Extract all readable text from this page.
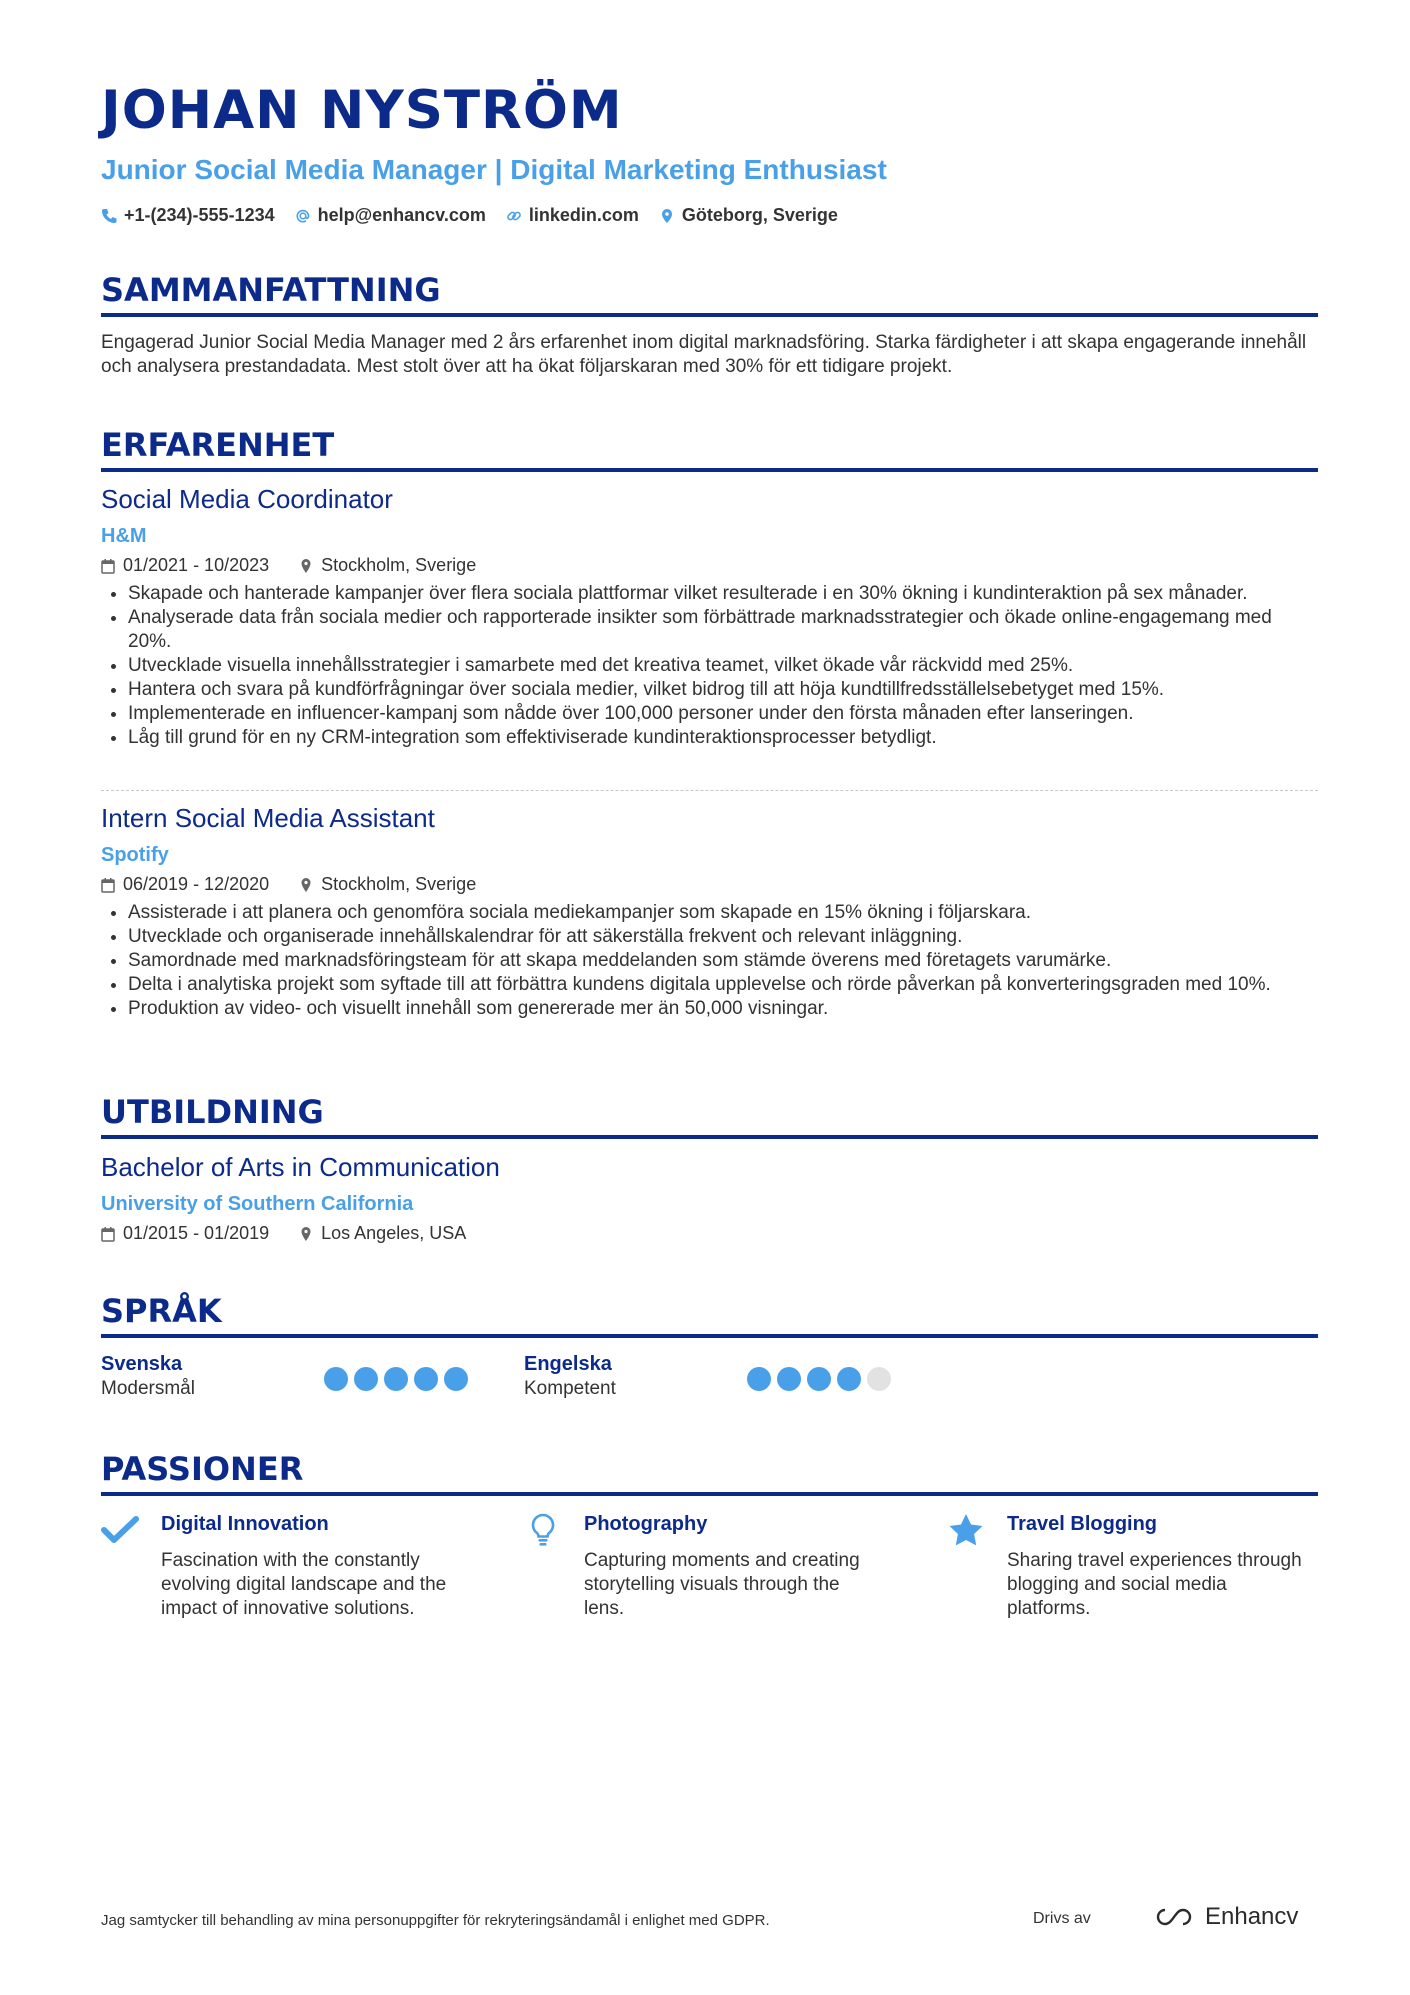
JOHAN NYSTRÖM
Junior Social Media Manager | Digital Marketing Enthusiast
+1-(234)-555-1234 help@enhancv.com linkedin.com Göteborg, Sverige
SAMMANFATTNING
Engagerad Junior Social Media Manager med 2 års erfarenhet inom digital marknadsföring. Starka färdigheter i att skapa engagerande innehåll och analysera prestandadata. Mest stolt över att ha ökat följarskaran med 30% för ett tidigare projekt.
ERFARENHET
Social Media Coordinator
H&M
01/2021 - 10/2023	Stockholm, Sverige
• Skapade och hanterade kampanjer över flera sociala plattformar vilket resulterade i en 30% ökning i kundinteraktion på sex månader.
• Analyserade data från sociala medier och rapporterade insikter som förbättrade marknadsstrategier och ökade online-engagemang med 20%.
• Utvecklade visuella innehållsstrategier i samarbete med det kreativa teamet, vilket ökade vår räckvidd med 25%.
• Hantera och svara på kundförfrågningar över sociala medier, vilket bidrog till att höja kundtillfredsställelsebetyget med 15%.
• Implementerade en influencer-kampanj som nådde över 100,000 personer under den första månaden efter lanseringen.
• Låg till grund för en ny CRM-integration som effektiviserade kundinteraktionsprocesser betydligt.
Intern Social Media Assistant
Spotify
06/2019 - 12/2020	Stockholm, Sverige
• Assisterade i att planera och genomföra sociala mediekampanjer som skapade en 15% ökning i följarskara.
• Utvecklade och organiserade innehållskalendrar för att säkerställa frekvent och relevant inläggning.
• Samordnade med marknadsföringsteam för att skapa meddelanden som stämde överens med företagets varumärke.
• Delta i analytiska projekt som syftade till att förbättra kundens digitala upplevelse och rörde påverkan på konverteringsgraden med 10%.
• Produktion av video- och visuellt innehåll som genererade mer än 50,000 visningar.
UTBILDNING
Bachelor of Arts in Communication
University of Southern California
01/2015 - 01/2019	Los Angeles, USA
SPRÅK
Svenska
Modersmål
Engelska
Kompetent
PASSIONER
Digital Innovation
Fascination with the constantly evolving digital landscape and the impact of innovative solutions.
Photography
Capturing moments and creating storytelling visuals through the lens.
Travel Blogging
Sharing travel experiences through blogging and social media platforms.
Jag samtycker till behandling av mina personuppgifter för rekryteringsändamål i enlighet med GDPR.	Drivs av	Enhancv
